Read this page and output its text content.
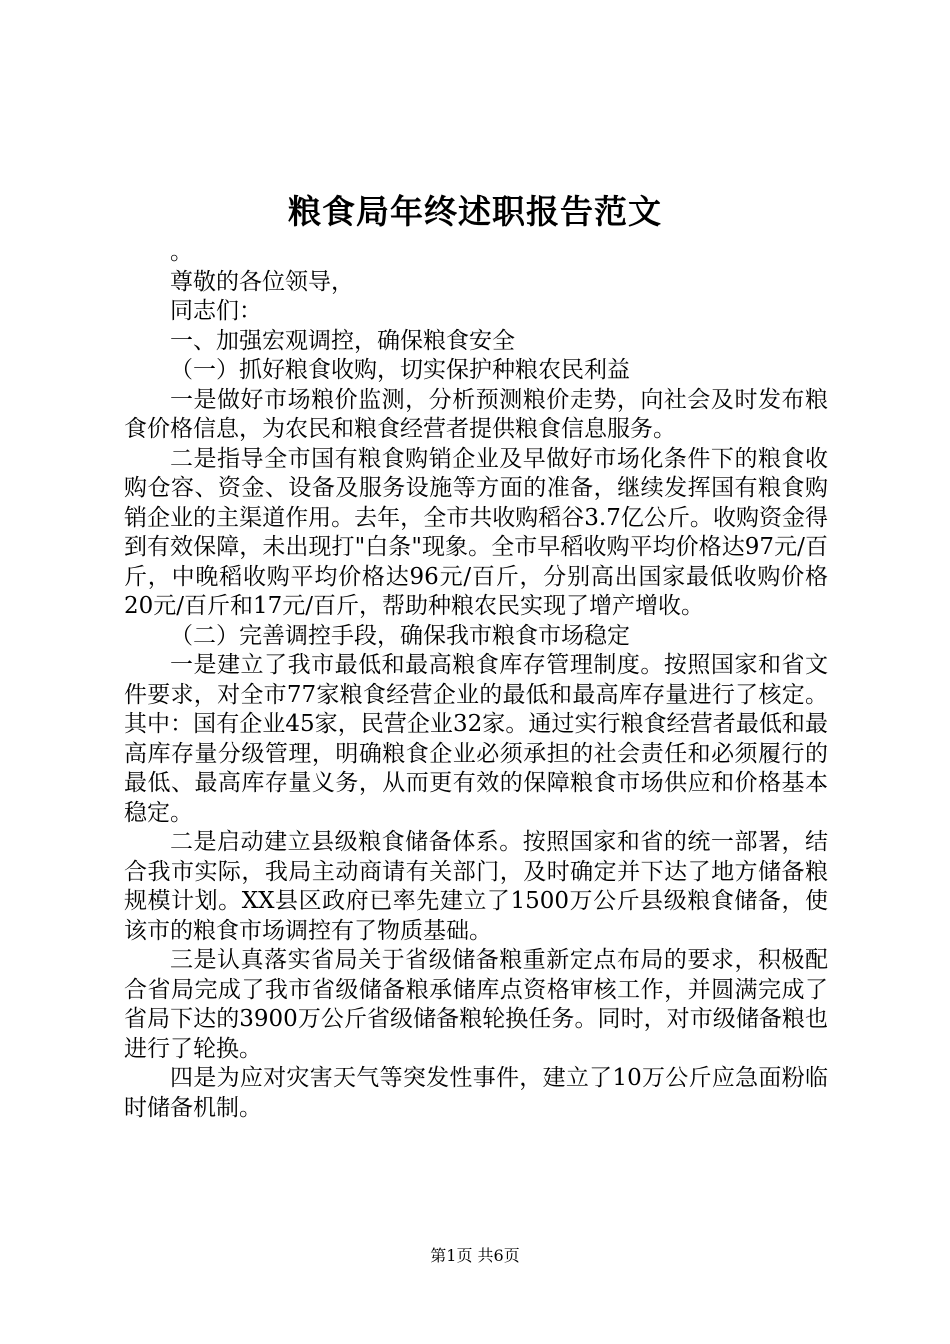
粮食局年终述职报告范文

。

尊敬的各位领导，

同志们：

一、加强宏观调控，确保粮食安全

（一）抓好粮食收购，切实保护种粮农民利益

一是做好市场粮价监测，分析预测粮价走势，向社会及时发布粮食价格信息，为农民和粮食经营者提供粮食信息服务。

二是指导全市国有粮食购销企业及早做好市场化条件下的粮食收购仓容、资金、设备及服务设施等方面的准备，继续发挥国有粮食购销企业的主渠道作用。去年，全市共收购稻谷3.7亿公斤。收购资金得到有效保障，未出现打"白条"现象。全市早稻收购平均价格达97元/百斤，中晚稻收购平均价格达96元/百斤，分别高出国家最低收购价格20元/百斤和17元/百斤，帮助种粮农民实现了增产增收。

（二）完善调控手段，确保我市粮食市场稳定

一是建立了我市最低和最高粮食库存管理制度。按照国家和省文件要求，对全市77家粮食经营企业的最低和最高库存量进行了核定。其中：国有企业45家，民营企业32家。通过实行粮食经营者最低和最高库存量分级管理，明确粮食企业必须承担的社会责任和必须履行的最低、最高库存量义务，从而更有效的保障粮食市场供应和价格基本稳定。

二是启动建立县级粮食储备体系。按照国家和省的统一部署，结合我市实际，我局主动商请有关部门，及时确定并下达了地方储备粮规模计划。XX县区政府已率先建立了1500万公斤县级粮食储备，使该市的粮食市场调控有了物质基础。

三是认真落实省局关于省级储备粮重新定点布局的要求，积极配合省局完成了我市省级储备粮承储库点资格审核工作，并圆满完成了省局下达的3900万公斤省级储备粮轮换任务。同时，对市级储备粮也进行了轮换。

四是为应对灾害天气等突发性事件，建立了10万公斤应急面粉临时储备机制。

第1页 共6页
